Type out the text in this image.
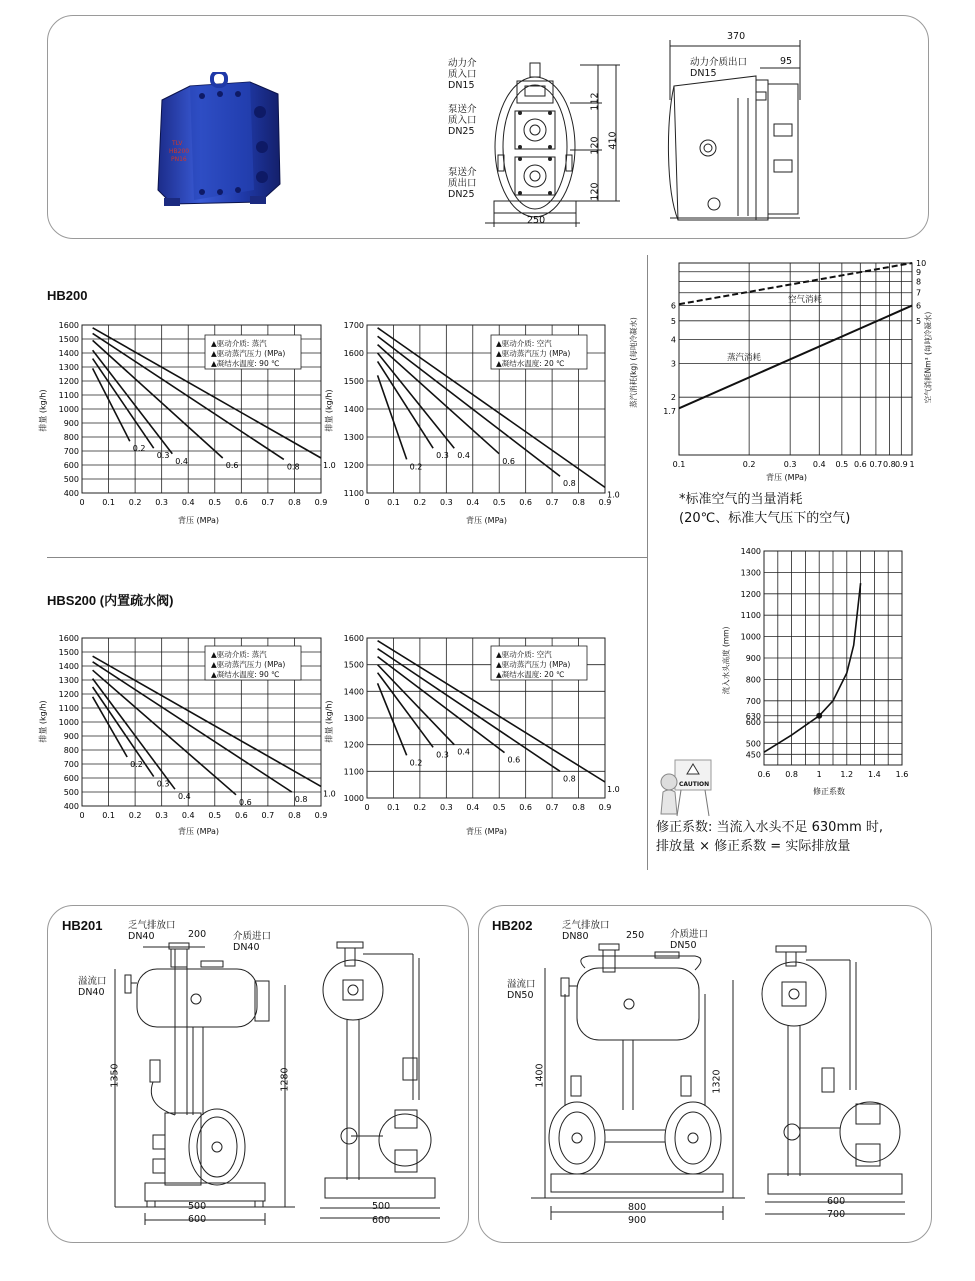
TLV
HB200
PN16
动力介
质入口
DN15
泵送介
质入口
DN25
泵送介
质出口
DN25
112
120
120
410
250
动力介质出口
DN15
370
95
HB200
0 0.1 0.2 0.3 0.4 0.5 0.6 0.7 0.8 0.9
400
500
600
700
800
900
1000
1100
1200
1300
1400
1500
1600
0.2
0.3
0.4	0.6	0.8	1.0
0 0.1 0.2 0.3 0.4 0.5 0.6 0.7 0.8 0.9
1100
1200
1300
1400
1500
1600
1700
0.2
0.3 0.4
0.6
0.8
1.0
背压 (MPa)	背压 (MPa)
排量 (kg/h)	排量 (kg/h)
▲驱动介质: 蒸汽
▲驱动蒸汽压力 (MPa)
▲凝结水温度: 90 ℃
▲驱动介质: 空汽
▲驱动蒸汽压力 (MPa)
▲凝结水温度: 20 ℃
HBS200 (内置疏水阀)
0 0.1 0.2 0.3 0.4 0.5 0.6 0.7 0.8 0.9
400
500
600
700
800
900
1000
1100
1200
1300
1400
1500
1600
0.2
0.3
0.4
0.6	0.8
1.0
0 0.1 0.2 0.3 0.4 0.5 0.6 0.7 0.8 0.9
1000
1100
1200
1300
1400
1500
1600
0.2
0.3 0.4
0.6
0.8
1.0
背压 (MPa)	背压 (MPa)
排量 (kg/h)	排量 (kg/h)
▲驱动介质: 蒸汽
▲驱动蒸汽压力 (MPa)
▲凝结水温度: 90 ℃
▲驱动介质: 空汽
▲驱动蒸汽压力 (MPa)
▲凝结水温度: 20 ℃
0.1	0.2	0.3 0.4 0.5 0.6 0.7 0.8 0.9 1
1.7
2
3
4
5
6
5
6
7
8
9
10
蒸汽消耗(kg) (每吨冷凝水)	空气消耗Nm³ (每吨冷凝水)
背压 (MPa)
空气消耗
蒸汽消耗
*标准空气的当量消耗
(20℃、标准大气压下的空气)
0.6 0.8 1 1.2 1.4 1.6
450
500
600
630
700
800
900
1000
1100
1200
1300
1400
流入水头高度 (mm)
修正系数
CAUTION
修正系数: 当流入水头不足 630mm 时,
排放量 × 修正系数 = 实际排放量
HB201	乏气排放口
DN40	介质进口
DN40
溢流口
DN40
200
1350	1280
500
600
500
600
HB202	乏气排放口
DN80	介质进口
DN50
溢流口
DN50
250
1400	1320
800
900
600
700
